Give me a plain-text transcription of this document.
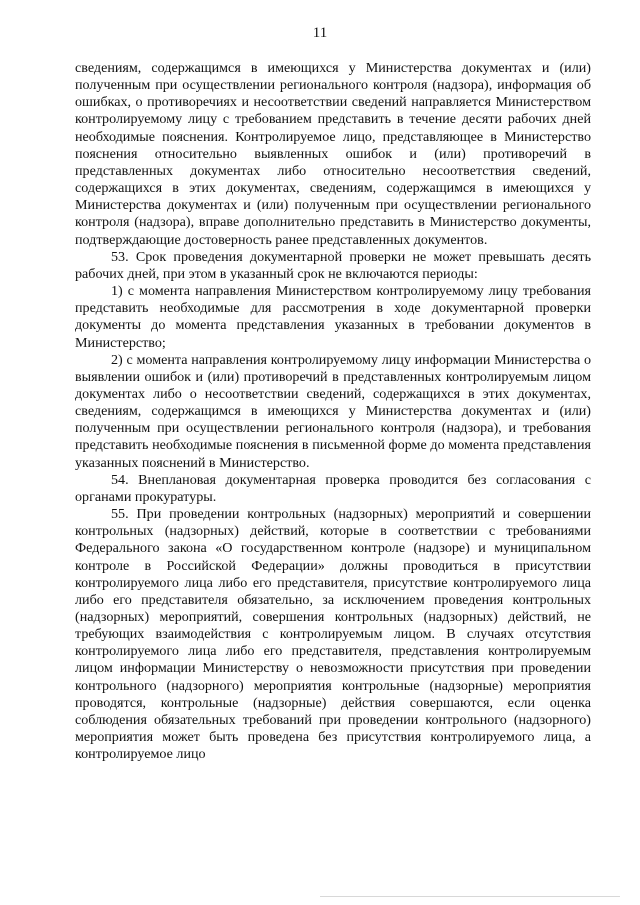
11

сведениям, содержащимся в имеющихся у Министерства документах и (или) полученным при осуществлении регионального контроля (надзора), информация об ошибках, о противоречиях и несоответствии сведений направляется Министерством контролируемому лицу с требованием представить в течение десяти рабочих дней необходимые пояснения. Контролируемое лицо, представляющее в Министерство пояснения относительно выявленных ошибок и (или) противоречий в представленных документах либо относительно несоответствия сведений, содержащихся в этих документах, сведениям, содержащимся в имеющихся у Министерства документах и (или) полученным при осуществлении регионального контроля (надзора), вправе дополнительно представить в Министерство документы, подтверждающие достоверность ранее представленных документов.

53. Срок проведения документарной проверки не может превышать десять рабочих дней, при этом в указанный срок не включаются периоды:

1) с момента направления Министерством контролируемому лицу требования представить необходимые для рассмотрения в ходе документарной проверки документы до момента представления указанных в требовании документов в Министерство;

2) с момента направления контролируемому лицу информации Министерства о выявлении ошибок и (или) противоречий в представленных контролируемым лицом документах либо о несоответствии сведений, содержащихся в этих документах, сведениям, содержащимся в имеющихся у Министерства документах и (или) полученным при осуществлении регионального контроля (надзора), и требования представить необходимые пояснения в письменной форме до момента представления указанных пояснений в Министерство.

54. Внеплановая документарная проверка проводится без согласования с органами прокуратуры.

55. При проведении контрольных (надзорных) мероприятий и совершении контрольных (надзорных) действий, которые в соответствии с требованиями Федерального закона «О государственном контроле (надзоре) и муниципальном контроле в Российской Федерации» должны проводиться в присутствии контролируемого лица либо его представителя, присутствие контролируемого лица либо его представителя обязательно, за исключением проведения контрольных (надзорных) мероприятий, совершения контрольных (надзорных) действий, не требующих взаимодействия с контролируемым лицом. В случаях отсутствия контролируемого лица либо его представителя, представления контролируемым лицом информации Министерству о невозможности присутствия при проведении контрольного (надзорного) мероприятия контрольные (надзорные) мероприятия проводятся, контрольные (надзорные) действия совершаются, если оценка соблюдения обязательных требований при проведении контрольного (надзорного) мероприятия может быть проведена без присутствия контролируемого лица, а контролируемое лицо
